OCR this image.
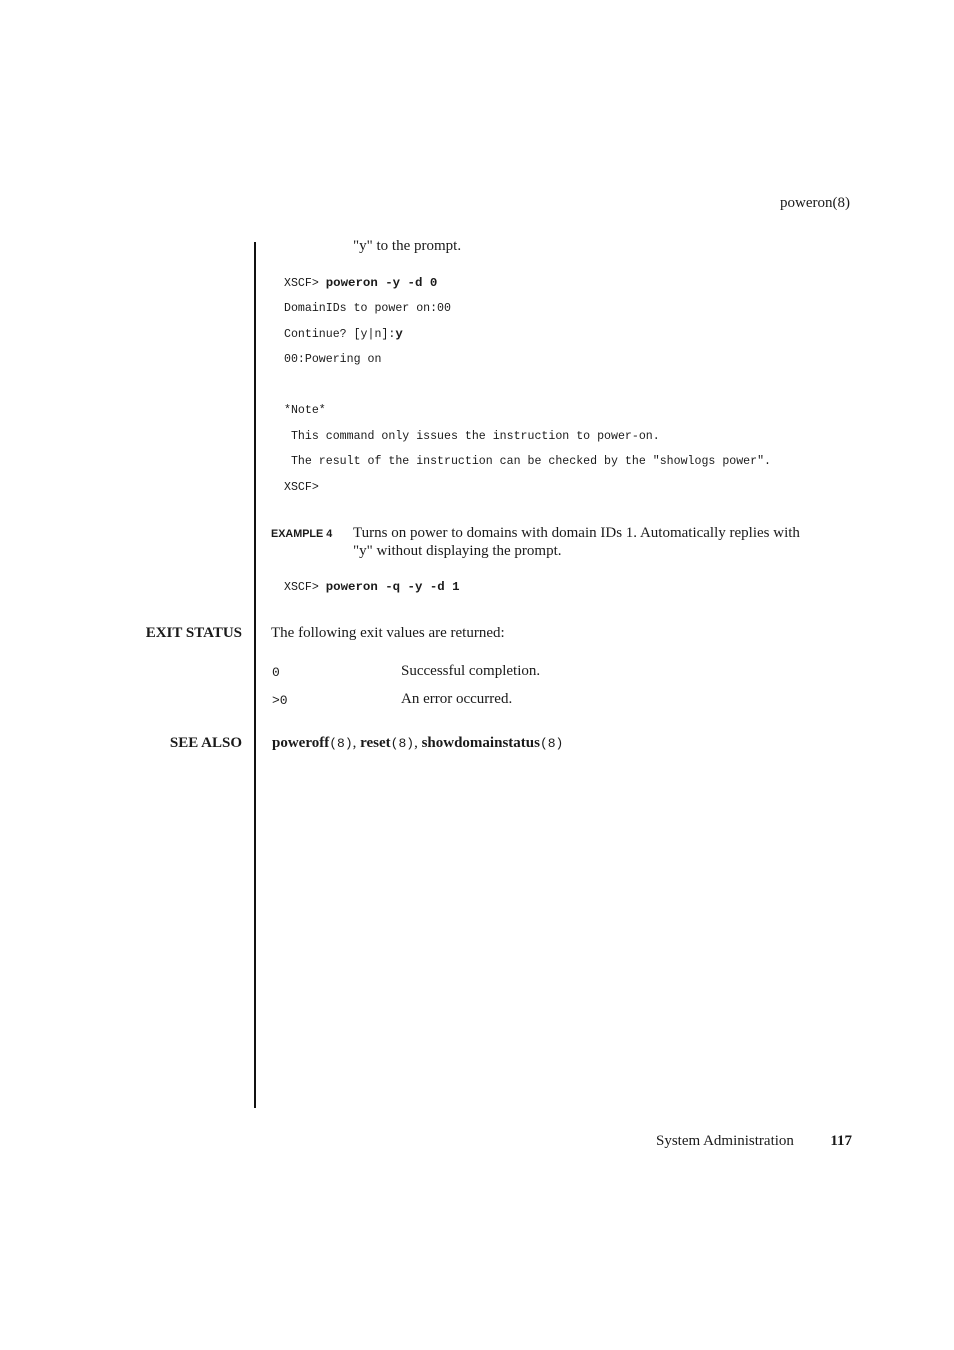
poweron(8)
"y" to the prompt.
XSCF> poweron -y -d 0
DomainIDs to power on:00
Continue? [y|n]:y
00:Powering on
*Note*
This command only issues the instruction to power-on.
The result of the instruction can be checked by the "showlogs power".
XSCF>
EXAMPLE 4 Turns on power to domains with domain IDs 1. Automatically replies with
"y" without displaying the prompt.
XSCF> poweron -q -y -d 1
EXIT STATUS The following exit values are returned:
0	Successful completion.
>0	An error occurred.
SEE ALSO poweroff(8), reset(8), showdomainstatus(8)
System Administration 117
